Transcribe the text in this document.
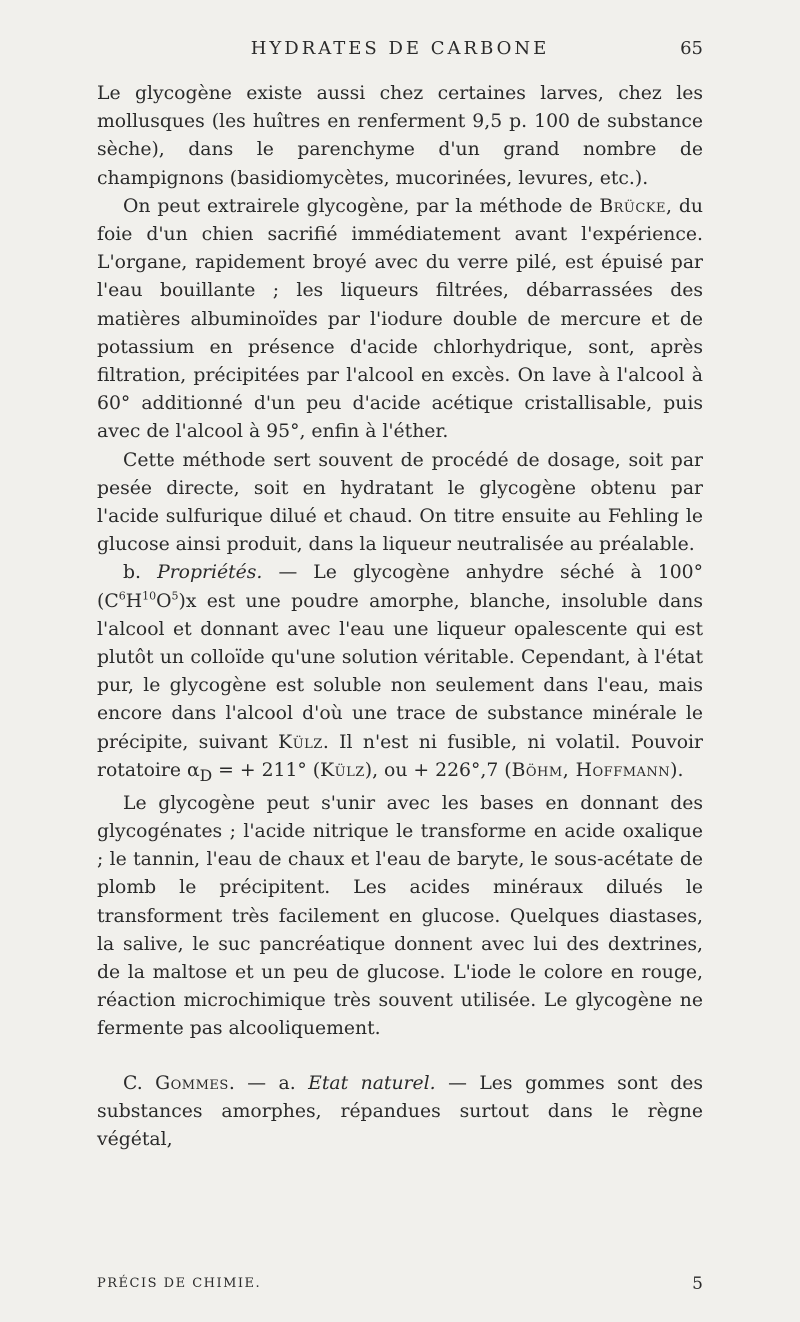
HYDRATES DE CARBONE	65

Le glycogène existe aussi chez certaines larves, chez les mollusques (les huîtres en renferment 9,5 p. 100 de substance sèche), dans le parenchyme d'un grand nombre de champignons (basidiomycètes, mucorinées, levures, etc.).

On peut extrairele glycogène, par la méthode de Brücke, du foie d'un chien sacrifié immédiatement avant l'expérience. L'organe, rapidement broyé avec du verre pilé, est épuisé par l'eau bouillante ; les liqueurs filtrées, débarrassées des matières albuminoïdes par l'iodure double de mercure et de potassium en présence d'acide chlorhydrique, sont, après filtration, précipitées par l'alcool en excès. On lave à l'alcool à 60° additionné d'un peu d'acide acétique cristallisable, puis avec de l'alcool à 95°, enfin à l'éther.

Cette méthode sert souvent de procédé de dosage, soit par pesée directe, soit en hydratant le glycogène obtenu par l'acide sulfurique dilué et chaud. On titre ensuite au Fehling le glucose ainsi produit, dans la liqueur neutralisée au préalable.

b. Propriétés. — Le glycogène anhydre séché à 100° $(C^6H^{10}O^5)x$ est une poudre amorphe, blanche, insoluble dans l'alcool et donnant avec l'eau une liqueur opalescente qui est plutôt un colloïde qu'une solution véritable. Cependant, à l'état pur, le glycogène est soluble non seulement dans l'eau, mais encore dans l'alcool d'où une trace de substance minérale le précipite, suivant Külz. Il n'est ni fusible, ni volatil. Pouvoir rotatoire $\alpha_D$ = + 211° (Külz), ou + 226°,7 (Böhm, Hoffmann).

Le glycogène peut s'unir avec les bases en donnant des glycogénates ; l'acide nitrique le transforme en acide oxalique ; le tannin, l'eau de chaux et l'eau de baryte, le sous-acétate de plomb le précipitent. Les acides minéraux dilués le transforment très facilement en glucose. Quelques diastases, la salive, le suc pancréatique donnent avec lui des dextrines, de la maltose et un peu de glucose. L'iode le colore en rouge, réaction microchimique très souvent utilisée. Le glycogène ne fermente pas alcooliquement.

C. Gommes. — a. Etat naturel. — Les gommes sont des substances amorphes, répandues surtout dans le règne végétal,

PRÉCIS DE CHIMIE.	5
